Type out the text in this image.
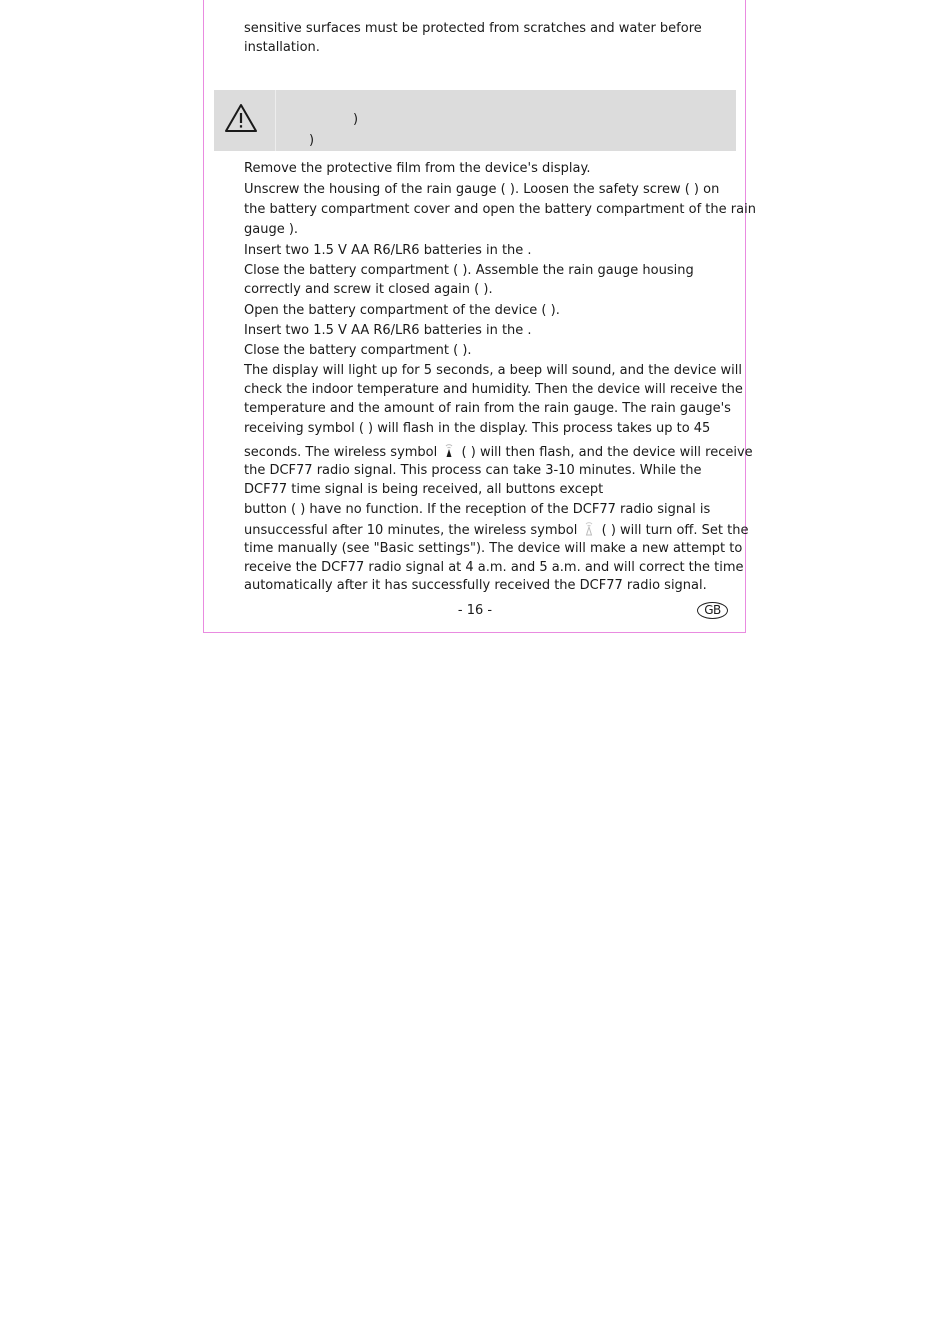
sensitive surfaces must be protected from scratches and water before
installation.
)
)
Remove the protective film from the device's display.
Unscrew the housing of the rain gauge ( ). Loosen the safety screw ( ) on
the battery compartment cover and open the battery compartment of the rain
gauge ).
Insert two 1.5 V AA R6/LR6 batteries in the .
Close the battery compartment ( ). Assemble the rain gauge housing
correctly and screw it closed again ( ).
Open the battery compartment of the device ( ).
Insert two 1.5 V AA R6/LR6 batteries in the .
Close the battery compartment ( ).
The display will light up for 5 seconds, a beep will sound, and the device will
check the indoor temperature and humidity. Then the device will receive the
temperature and the amount of rain from the rain gauge. The rain gauge's
receiving symbol ( ) will flash in the display. This process takes up to 45
seconds. The wireless symbol ( ) will then flash, and the device will receive
the DCF77 radio signal. This process can take 3-10 minutes. While the
DCF77 time signal is being received, all buttons except
button ( ) have no function. If the reception of the DCF77 radio signal is
unsuccessful after 10 minutes, the wireless symbol ( ) will turn off. Set the
time manually (see "Basic settings"). The device will make a new attempt to
receive the DCF77 radio signal at 4 a.m. and 5 a.m. and will correct the time
automatically after it has successfully received the DCF77 radio signal.
- 16 -	GB
